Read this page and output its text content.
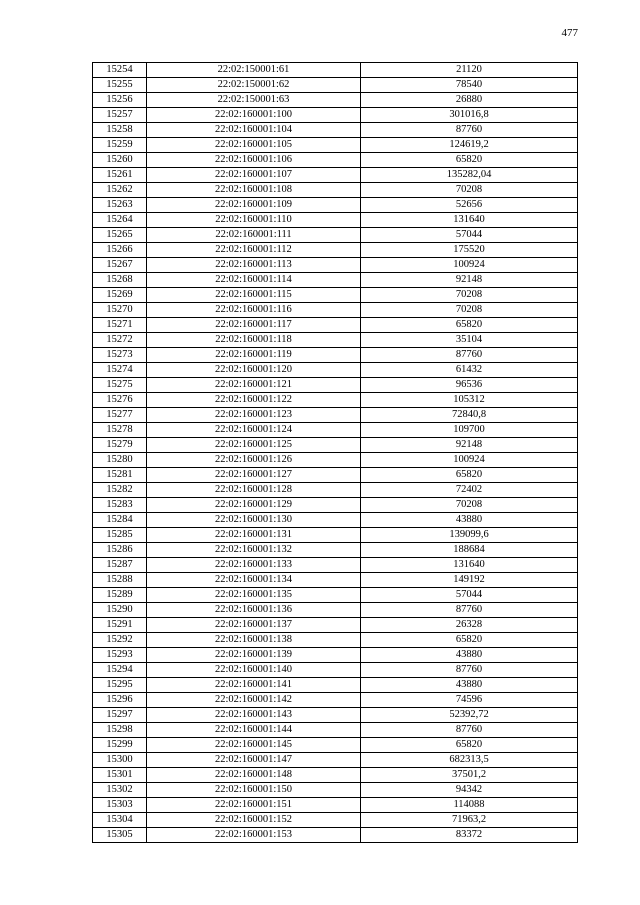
477
15254	22:02:150001:61	21120
15255	22:02:150001:62	78540
15256	22:02:150001:63	26880
15257	22:02:160001:100	301016,8
15258	22:02:160001:104	87760
15259	22:02:160001:105	124619,2
15260	22:02:160001:106	65820
15261	22:02:160001:107	135282,04
15262	22:02:160001:108	70208
15263	22:02:160001:109	52656
15264	22:02:160001:110	131640
15265	22:02:160001:111	57044
15266	22:02:160001:112	175520
15267	22:02:160001:113	100924
15268	22:02:160001:114	92148
15269	22:02:160001:115	70208
15270	22:02:160001:116	70208
15271	22:02:160001:117	65820
15272	22:02:160001:118	35104
15273	22:02:160001:119	87760
15274	22:02:160001:120	61432
15275	22:02:160001:121	96536
15276	22:02:160001:122	105312
15277	22:02:160001:123	72840,8
15278	22:02:160001:124	109700
15279	22:02:160001:125	92148
15280	22:02:160001:126	100924
15281	22:02:160001:127	65820
15282	22:02:160001:128	72402
15283	22:02:160001:129	70208
15284	22:02:160001:130	43880
15285	22:02:160001:131	139099,6
15286	22:02:160001:132	188684
15287	22:02:160001:133	131640
15288	22:02:160001:134	149192
15289	22:02:160001:135	57044
15290	22:02:160001:136	87760
15291	22:02:160001:137	26328
15292	22:02:160001:138	65820
15293	22:02:160001:139	43880
15294	22:02:160001:140	87760
15295	22:02:160001:141	43880
15296	22:02:160001:142	74596
15297	22:02:160001:143	52392,72
15298	22:02:160001:144	87760
15299	22:02:160001:145	65820
15300	22:02:160001:147	682313,5
15301	22:02:160001:148	37501,2
15302	22:02:160001:150	94342
15303	22:02:160001:151	114088
15304	22:02:160001:152	71963,2
15305	22:02:160001:153	83372
